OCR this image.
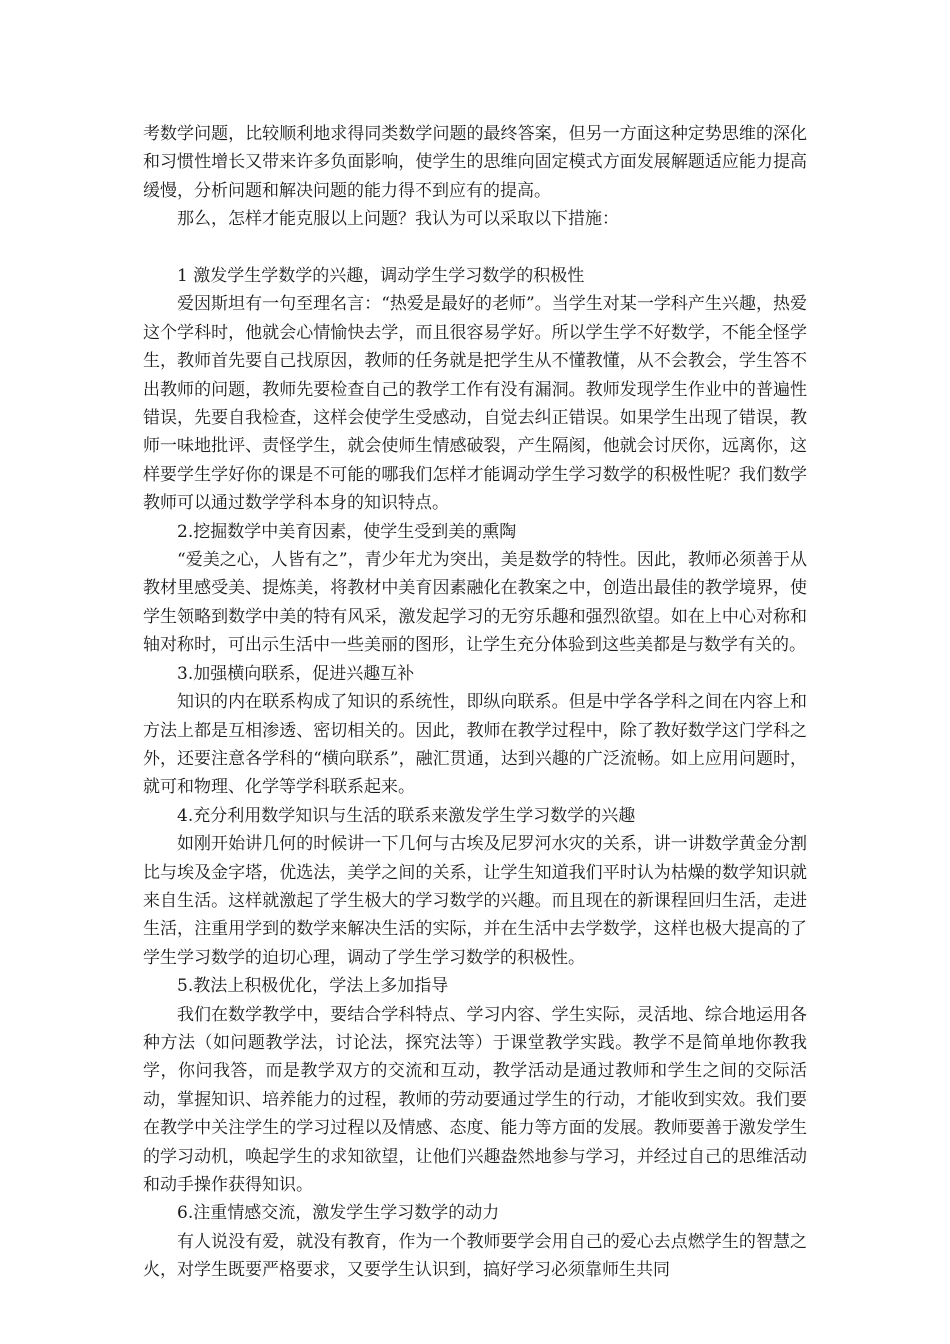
考数学问题，比较顺利地求得同类数学问题的最终答案，但另一方面这种定势思维的深化和习惯性增长又带来许多负面影响，使学生的思维向固定模式方面发展解题适应能力提高缓慢，分析问题和解决问题的能力得不到应有的提高。

那么，怎样才能克服以上问题？我认为可以采取以下措施：

1 激发学生学数学的兴趣，调动学生学习数学的积极性

爱因斯坦有一句至理名言：“热爱是最好的老师”。当学生对某一学科产生兴趣，热爱这个学科时，他就会心情愉快去学，而且很容易学好。所以学生学不好数学，不能全怪学生，教师首先要自己找原因，教师的任务就是把学生从不懂教懂，从不会教会，学生答不出教师的问题，教师先要检查自己的教学工作有没有漏洞。教师发现学生作业中的普遍性错误，先要自我检查，这样会使学生受感动，自觉去纠正错误。如果学生出现了错误，教师一味地批评、责怪学生，就会使师生情感破裂，产生隔阂，他就会讨厌你，远离你，这样要学生学好你的课是不可能的哪我们怎样才能调动学生学习数学的积极性呢？我们数学教师可以通过数学学科本身的知识特点。

2.挖掘数学中美育因素，使学生受到美的熏陶

“爱美之心，人皆有之”，青少年尤为突出，美是数学的特性。因此，教师必须善于从教材里感受美、提炼美，将教材中美育因素融化在教案之中，创造出最佳的教学境界，使学生领略到数学中美的特有风采，激发起学习的无穷乐趣和强烈欲望。如在上中心对称和轴对称时，可出示生活中一些美丽的图形，让学生充分体验到这些美都是与数学有关的。

3.加强横向联系，促进兴趣互补

知识的内在联系构成了知识的系统性，即纵向联系。但是中学各学科之间在内容上和方法上都是互相渗透、密切相关的。因此，教师在教学过程中，除了教好数学这门学科之外，还要注意各学科的“横向联系”，融汇贯通，达到兴趣的广泛流畅。如上应用问题时，就可和物理、化学等学科联系起来。

4.充分利用数学知识与生活的联系来激发学生学习数学的兴趣

如刚开始讲几何的时候讲一下几何与古埃及尼罗河水灾的关系，讲一讲数学黄金分割比与埃及金字塔，优选法，美学之间的关系，让学生知道我们平时认为枯燥的数学知识就来自生活。这样就激起了学生极大的学习数学的兴趣。而且现在的新课程回归生活，走进生活，注重用学到的数学来解决生活的实际，并在生活中去学数学，这样也极大提高的了学生学习数学的迫切心理，调动了学生学习数学的积极性。

5.教法上积极优化，学法上多加指导

我们在数学教学中，要结合学科特点、学习内容、学生实际，灵活地、综合地运用各种方法（如问题教学法，讨论法，探究法等）于课堂教学实践。教学不是简单地你教我学，你问我答，而是教学双方的交流和互动，教学活动是通过教师和学生之间的交际活动，掌握知识、培养能力的过程，教师的劳动要通过学生的行动，才能收到实效。我们要在教学中关注学生的学习过程以及情感、态度、能力等方面的发展。教师要善于激发学生的学习动机，唤起学生的求知欲望，让他们兴趣盎然地参与学习，并经过自己的思维活动和动手操作获得知识。

6.注重情感交流，激发学生学习数学的动力

有人说没有爱，就没有教育，作为一个教师要学会用自己的爱心去点燃学生的智慧之火，对学生既要严格要求，又要学生认识到，搞好学习必须靠师生共同
